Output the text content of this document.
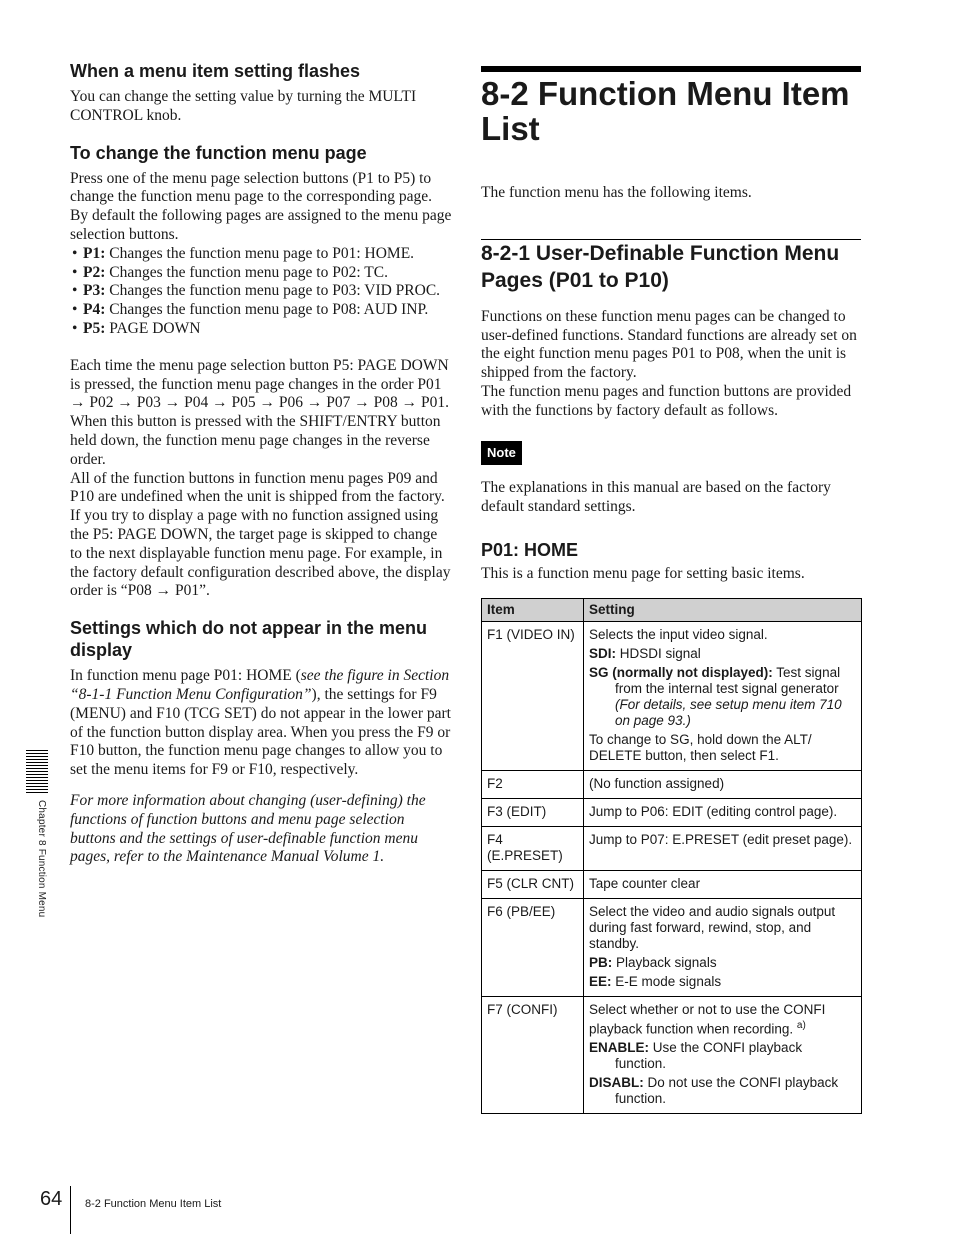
When a menu item setting flashes

You can change the setting value by turning the MULTI CONTROL knob.

To change the function menu page

Press one of the menu page selection buttons (P1 to P5) to change the function menu page to the corresponding page. By default the following pages are assigned to the menu page selection buttons.

• P1: Changes the function menu page to P01: HOME.
• P2: Changes the function menu page to P02: TC.
• P3: Changes the function menu page to P03: VID PROC.
• P4: Changes the function menu page to P08: AUD INP.
• P5: PAGE DOWN

Each time the menu page selection button P5: PAGE DOWN is pressed, the function menu page changes in the order P01 → P02 → P03 → P04 → P05 → P06 → P07 → P08 → P01.

When this button is pressed with the SHIFT/ENTRY button held down, the function menu page changes in the reverse order.

All of the function buttons in function menu pages P09 and P10 are undefined when the unit is shipped from the factory. If you try to display a page with no function assigned using the P5: PAGE DOWN, the target page is skipped to change to the next displayable function menu page. For example, in the factory default configuration described above, the display order is “P08 → P01”.

Settings which do not appear in the menu display

In function menu page P01: HOME (see the figure in Section “8-1-1 Function Menu Configuration”), the settings for F9 (MENU) and F10 (TCG SET) do not appear in the lower part of the function button display area. When you press the F9 or F10 button, the function menu page changes to allow you to set the menu items for F9 or F10, respectively.

For more information about changing (user-defining) the functions of function buttons and menu page selection buttons and the settings of user-definable function menu pages, refer to the Maintenance Manual Volume 1.

8-2 Function Menu Item List

The function menu has the following items.

8-2-1 User-Definable Function Menu Pages (P01 to P10)

Functions on these function menu pages can be changed to user-defined functions. Standard functions are already set on the eight function menu pages P01 to P08, when the unit is shipped from the factory.

The function menu pages and function buttons are provided with the functions by factory default as follows.

Note

The explanations in this manual are based on the factory default standard settings.

P01: HOME

This is a function menu page for setting basic items.

Item	Setting
F1 (VIDEO IN)	Selects the input video signal.
SDI: HDSDI signal
SG (normally not displayed): Test signal from the internal test signal generator (For details, see setup menu item 710 on page 93.)
To change to SG, hold down the ALT/ DELETE button, then select F1.

F2	(No function assigned)
F3 (EDIT)	Jump to P06: EDIT (editing control page).
F4 (E.PRESET)	Jump to P07: E.PRESET (edit preset page).
F5 (CLR CNT)	Tape counter clear
F6 (PB/EE)	Select the video and audio signals output during fast forward, rewind, stop, and standby.
PB: Playback signals
EE: E-E mode signals

F7 (CONFI)	Select whether or not to use the CONFI playback function when recording. $^{a)}$
ENABLE: Use the CONFI playback function.
DISABL: Do not use the CONFI playback function.
Chapter 8 Function Menu
64 8-2 Function Menu Item List
